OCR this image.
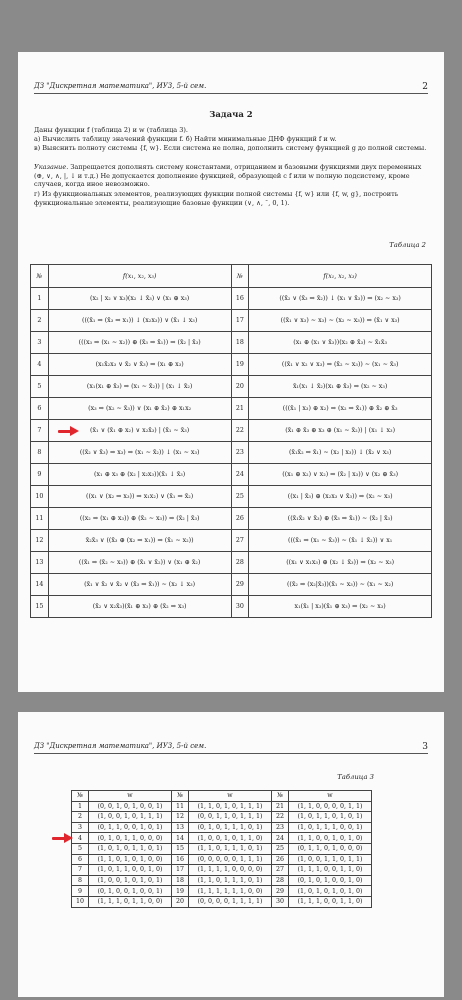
ДЗ "Дискретная математика", ИУ3, 5-й сем.	2
Задача 2
Даны функции f (таблица 2) и w (таблица 3).
а) Вычислить таблицу значений функции f. б) Найти минимальные ДНФ функций f и w.
в) Выяснить полноту системы {f, w}. Если система не полна, дополнить систему функцией g до полной системы.
Указание. Запрещается дополнять систему константами, отрицанием и базовыми функциями двух переменных (⊕, ∨, ∧, |, ↓ и т.д.) Не допускается дополнение функцией, образующей с f или w полную подсистему, кроме случаев, когда иное невозможно.
г) Из функциональных элементов, реализующих функции полной системы {f, w} или {f, w, g}, построить функциональные элементы, реализующие базовые функции (∨, ∧, ¯, 0, 1).
Таблица 2
№	f(x₁, x₂, x₃)	№	f(x₁, x₂, x₃)
1	(x₂ | x₂ ∨ x₃)(x₂ ↓ x̄₃) ∨ (x₁ ⊕ x₃)	16	((x̄₂ ∨ (x̄₃ ⇒ x̄₂)) ↓ (x₁ ∨ x̄₃)) ⇒ (x₂ ∼ x₃)
2	(((x̄₁ ⇒ (x̄₃ ⇒ x₁)) ↓ (x₂x₃)) ∨ (x̄₁ ↓ x₃)	17	((x̄₁ ∨ x₃) ∼ x₃) ∼ (x₂ ∼ x₃)) ⇒ (x̄₁ ∨ x₃)
3	(((x₃ ⇒ (x₁ ∼ x₂)) ⊕ (x̄₃ ⇒ x̄₁)) ⇒ (x̄₂ | x̄₃)	18	(x₁ ⊕ (x₁ ∨ x̄₃))(x₂ ⊕ x̄₃) ∼ x̄₁x̄₃
4	(x₁x̄₂x₃ ∨ x̄₂ ∨ x̄₃) ⇒ (x₁ ⊕ x₃)	19	((x̄₁ ∨ x₂ ∨ x₃) ⇒ (x̄₂ ∼ x₃)) ∼ (x₁ ∼ x̄₃)
5	(x₁(x₁ ⊕ x̄₃) ⇒ (x₁ ∼ x̄₂)) | (x₁ ↓ x̄₂)	20	x̄₁(x₁ ↓ x̄₂)(x₁ ⊕ x̄₃) ⇒ (x₂ ∼ x₃)
6	(x₃ ⇒ (x₂ ∼ x̄₃)) ∨ (x₁ ⊕ x̄₂) ⊕ x₁x₂	21	(((x̄₁ | x₃) ⊕ x₂) ⇒ (x₂ ⇒ x̄₁)) ⊕ x̄₂ ⊕ x̄₃
7	(x̄₁ ∨ (x̄₁ ⊕ x₂) ∨ x₂x̄₃) | (x̄₁ ∼ x̄₃)	22	(x̄₁ ⊕ x̄₃ ⊕ x₃ ⊕ (x₁ ∼ x̄₂)) | (x₁ ↓ x₃)
8	((x̄₂ ∨ x̄₃) ⇒ x₃) ⇒ (x₁ ∼ x̄₂)) ↓ (x₁ ∼ x₃)	23	(x̄₁x̄₂ ⇒ x̄₁) ∼ (x₂ | x₃)) ↓ (x̄₂ ∨ x₃)
9	(x₁ ⊕ x₃ ⊕ (x₂ | x₂x₃))(x̄₁ ↓ x̄₃)	24	((x₁ ⊕ x₂) ∨ x₂) ⇒ (x̄₂ | x₃)) ∨ (x₂ ⊕ x̄₃)
10	((x₁ ∨ (x₂ ⇒ x₃)) ⇒ x₁x₂) ∨ (x̄₁ ⇒ x̄₂)	25	((x₁ | x̄₃) ⊕ (x₂x₃ ∨ x̄₃)) ⇒ (x₂ ∼ x₃)
11	((x₂ ⇒ (x₁ ⊕ x₃)) ⊕ (x̄₂ ∼ x₃)) ⇒ (x̄₂ | x̄₃)	26	((x̄₁x̄₂ ∨ x̄₃) ⊕ (x̄₃ ⇒ x̄₁)) ∼ (x̄₂ | x̄₃)
12	x̄₂x̄₃ ∨ ((x̄₃ ⊕ (x₂ ⇒ x₁)) ⇒ (x̄₁ ∼ x₂))	27	(((x̄₁ ⇒ (x₁ ∼ x̄₃)) ∼ (x̄₁ ↓ x̄₂)) ∨ x₁
13	((x̄₁ ⇒ (x̄₂ ∼ x₃)) ⊕ (x̄₁ ∨ x̄₂)) ∨ (x₁ ⊕ x̄₂)	28	((x₁ ∨ x₁x₃) ⊕ (x₂ ↓ x̄₃)) ⇒ (x₂ ∼ x₃)
14	(x̄₁ ∨ x̄₂ ∨ x̄₂ ∨ (x̄₃ ⇒ x̄₁)) ∼ (x₂ ↓ x₃)	29	((x̄₂ ⇒ (x₂|x̄₃))(x̄₁ ∼ x₃)) ∼ (x₁ ∼ x₂)
15	(x̄₂ ∨ x₂x̄₃)(x̄₁ ⊕ x₃) ⊕ (x̄₂ ⇒ x₃)	30	x₁(x̄₁ | x₃)(x̄₁ ⊕ x₃) ⇒ (x₂ ∼ x₃)
ДЗ "Дискретная математика", ИУ3, 5-й сем.	3
Таблица 3
№	w	№	w	№	w
1	(0, 0, 1, 0, 1, 0, 0, 1)	11	(1, 1, 0, 1, 0, 1, 1, 1)	21	(1, 1, 0, 0, 0, 0, 1, 1)
2	(1, 0, 0, 1, 0, 1, 1, 1)	12	(0, 0, 1, 1, 0, 1, 1, 1)	22	(1, 0, 1, 1, 0, 1, 0, 1)
3	(0, 1, 1, 0, 0, 1, 0, 1)	13	(0, 1, 0, 1, 1, 1, 0, 1)	23	(1, 0, 1, 1, 1, 0, 0, 1)
4	(0, 1, 0, 1, 1, 0, 0, 0)	14	(1, 0, 0, 1, 0, 1, 1, 0)	24	(1, 1, 0, 0, 1, 0, 1, 0)
5	(1, 0, 1, 0, 1, 1, 0, 1)	15	(1, 1, 0, 1, 1, 1, 0, 1)	25	(0, 1, 1, 0, 1, 0, 0, 0)
6	(1, 1, 0, 1, 0, 1, 0, 0)	16	(0, 0, 0, 0, 0, 1, 1, 1)	26	(1, 0, 0, 1, 1, 0, 1, 1)
7	(1, 0, 1, 1, 0, 0, 1, 0)	17	(1, 1, 1, 1, 0, 0, 0, 0)	27	(1, 1, 1, 0, 0, 1, 1, 0)
8	(1, 0, 0, 1, 0, 1, 0, 1)	18	(1, 1, 0, 1, 1, 1, 0, 1)	28	(0, 1, 0, 1, 0, 0, 1, 0)
9	(0, 1, 0, 0, 1, 0, 0, 1)	19	(1, 1, 1, 1, 1, 1, 0, 0)	29	(1, 0, 1, 0, 1, 0, 1, 0)
10	(1, 1, 1, 0, 1, 1, 0, 0)	20	(0, 0, 0, 0, 1, 1, 1, 1)	30	(1, 1, 1, 0, 0, 1, 1, 0)
